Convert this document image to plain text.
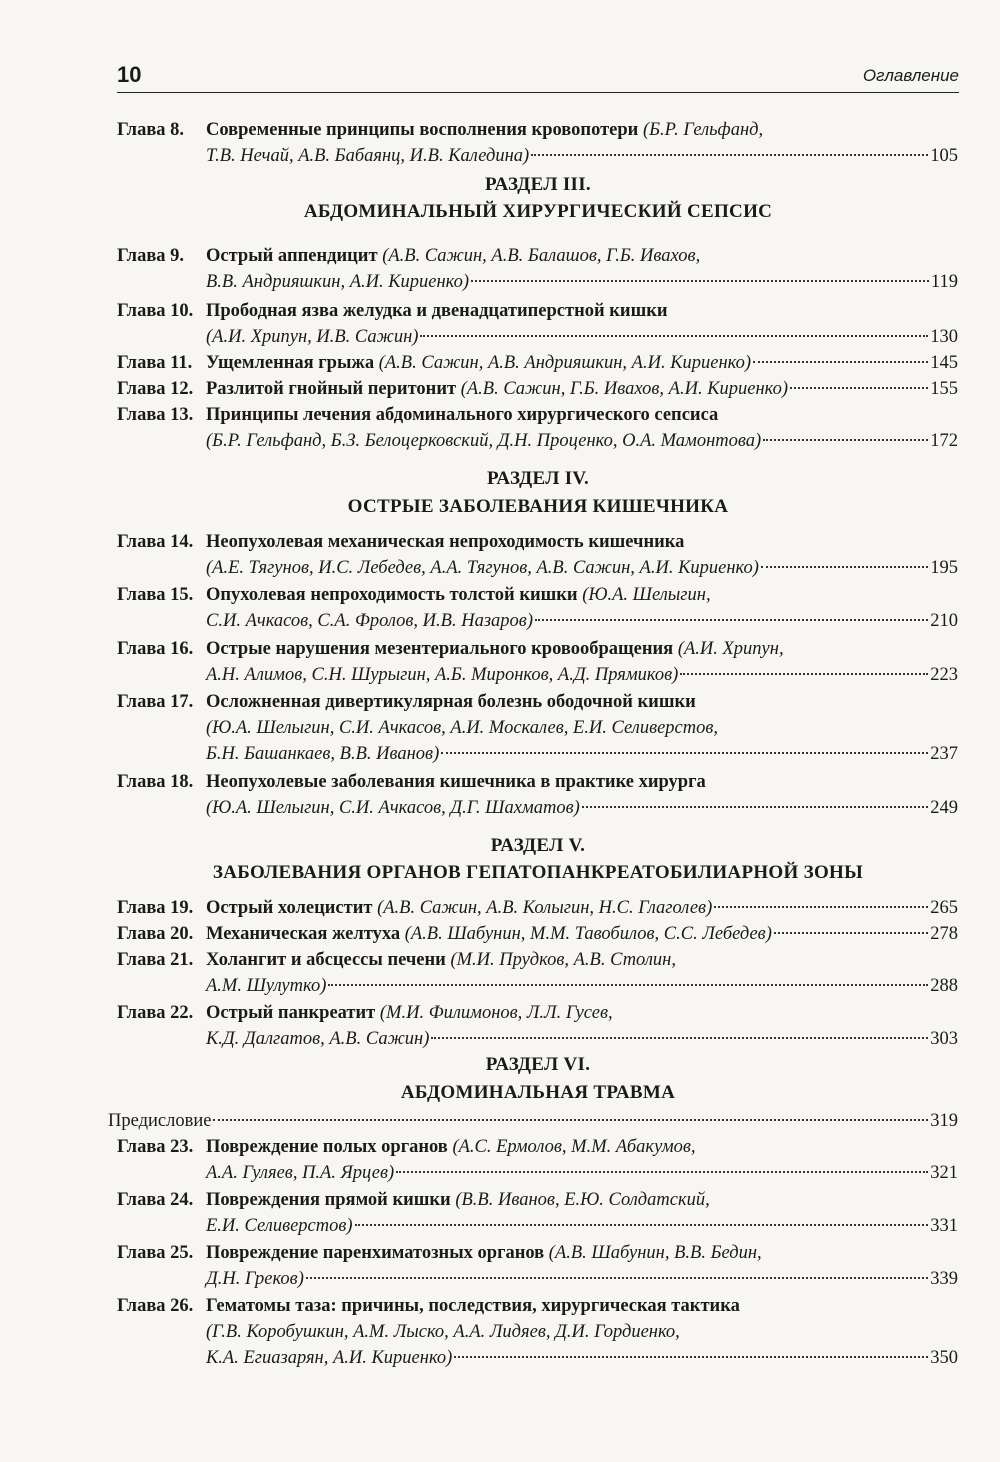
10	Оглавление
Глава 8. Современные принципы восполнения кровопотери (Б.Р. Гельфанд,
Т.В. Нечай, А.В. Бабаянц, И.В. Каледина)	105
РАЗДЕЛ III.
АБДОМИНАЛЬНЫЙ ХИРУРГИЧЕСКИЙ СЕПСИС
Глава 9. Острый аппендицит (А.В. Сажин, А.В. Балашов, Г.Б. Ивахов,
В.В. Андрияшкин, А.И. Кириенко)	119
Глава 10. Прободная язва желудка и двенадцатиперстной кишки
(А.И. Хрипун, И.В. Сажин)	130
Глава 11. Ущемленная грыжа (А.В. Сажин, А.В. Андрияшкин, А.И. Кириенко)	145
Глава 12. Разлитой гнойный перитонит (А.В. Сажин, Г.Б. Ивахов, А.И. Кириенко)	155
Глава 13. Принципы лечения абдоминального хирургического сепсиса
(Б.Р. Гельфанд, Б.З. Белоцерковский, Д.Н. Проценко, О.А. Мамонтова)	172
РАЗДЕЛ IV.
ОСТРЫЕ ЗАБОЛЕВАНИЯ КИШЕЧНИКА
Глава 14. Неопухолевая механическая непроходимость кишечника
(А.Е. Тягунов, И.С. Лебедев, А.А. Тягунов, А.В. Сажин, А.И. Кириенко)	195
Глава 15. Опухолевая непроходимость толстой кишки (Ю.А. Шелыгин,
С.И. Ачкасов, С.А. Фролов, И.В. Назаров)	210
Глава 16. Острые нарушения мезентериального кровообращения (А.И. Хрипун,
А.Н. Алимов, С.Н. Шурыгин, А.Б. Миронков, А.Д. Прямиков)	223
Глава 17. Осложненная дивертикулярная болезнь ободочной кишки
(Ю.А. Шелыгин, С.И. Ачкасов, А.И. Москалев, Е.И. Селиверстов,
Б.Н. Башанкаев, В.В. Иванов)	237
Глава 18. Неопухолевые заболевания кишечника в практике хирурга
(Ю.А. Шелыгин, С.И. Ачкасов, Д.Г. Шахматов)	249
РАЗДЕЛ V.
ЗАБОЛЕВАНИЯ ОРГАНОВ ГЕПАТОПАНКРЕАТОБИЛИАРНОЙ ЗОНЫ
Глава 19. Острый холецистит (А.В. Сажин, А.В. Колыгин, Н.С. Глаголев)	265
Глава 20. Механическая желтуха (А.В. Шабунин, М.М. Тавобилов, С.С. Лебедев)	278
Глава 21. Холангит и абсцессы печени (М.И. Прудков, А.В. Столин,
А.М. Шулутко)	288
Глава 22. Острый панкреатит (М.И. Филимонов, Л.Л. Гусев,
К.Д. Далгатов, А.В. Сажин)	303
РАЗДЕЛ VI.
АБДОМИНАЛЬНАЯ ТРАВМА
Предисловие	319
Глава 23. Повреждение полых органов (А.С. Ермолов, М.М. Абакумов,
А.А. Гуляев, П.А. Ярцев)	321
Глава 24. Повреждения прямой кишки (В.В. Иванов, Е.Ю. Солдатский,
Е.И. Селиверстов)	331
Глава 25. Повреждение паренхиматозных органов (А.В. Шабунин, В.В. Бедин,
Д.Н. Греков)	339
Глава 26. Гематомы таза: причины, последствия, хирургическая тактика
(Г.В. Коробушкин, А.М. Лыско, А.А. Лидяев, Д.И. Гордиенко,
К.А. Егиазарян, А.И. Кириенко)	350
